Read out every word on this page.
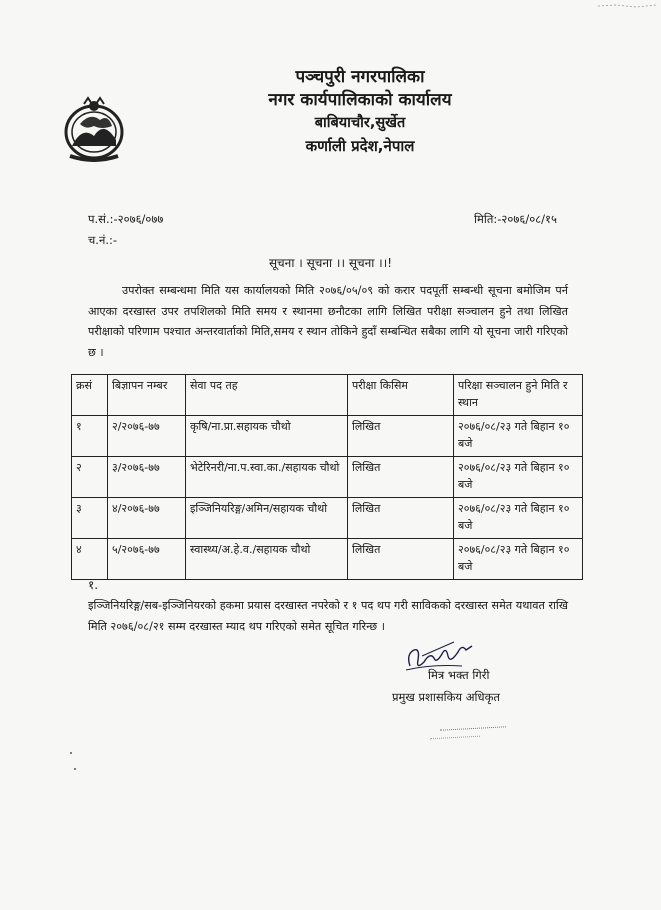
पञ्चपुरी नगरपालिका
नगर कार्यपालिकाको कार्यालय
बाबियाचौर,सुर्खेत
कर्णाली प्रदेश,नेपाल
प.सं.:-२०७६/०७७
च.नं.:-
मिति:-२०७६/०८/१५
सूचना । सूचना ।। सूचना ।।!
उपरोक्त सम्बन्धमा मिति यस कार्यालयको मिति २०७६/०५/०९ को करार पदपूर्ती सम्बन्धी सूचना बमोजिम पर्न आएका दरखास्त उपर तपशिलको मिति समय र स्थानमा छनौटका लागि लिखित परीक्षा सञ्चालन हुने तथा लिखित परीक्षाको परिणाम पश्चात अन्तरवार्ताको मिति,समय र स्थान तोकिने हुदाँ सम्बन्धित सबैका लागि यो सूचना जारी गरिएको छ ।
क्रसं	बिज्ञापन नम्बर	सेवा पद तह	परीक्षा किसिम	परिक्षा सञ्चालन हुने मिति र स्थान
१	२/२०७६-७७	कृषि/ना.प्रा.सहायक चौथो	लिखित	२०७६/०८/२३ गते बिहान १० बजे
२	३/२०७६-७७	भेटेरिनरी/ना.प.स्वा.का./सहायक चौथो	लिखित	२०७६/०८/२३ गते बिहान १० बजे
३	४/२०७६-७७	इञ्जिनियरिङ्ग/अमिन/सहायक चौथो	लिखित	२०७६/०८/२३ गते बिहान १० बजे
४	५/२०७६-७७	स्वास्थ्य/अ.हे.व./सहायक चौथो	लिखित	२०७६/०८/२३ गते बिहान १० बजे
१.
इञ्जिनियरिङ्ग/सब-इञ्जिनियरको हकमा प्रयास दरखास्त नपरेको र १ पद थप गरी साविकको दरखास्त समेत यथावत राखि मिति २०७६/०८/२१ सम्म दरखास्त म्याद थप गरिएको समेत सूचित गरिन्छ ।
मित्र भक्त गिरी
प्रमुख प्रशासकिय अधिकृत
